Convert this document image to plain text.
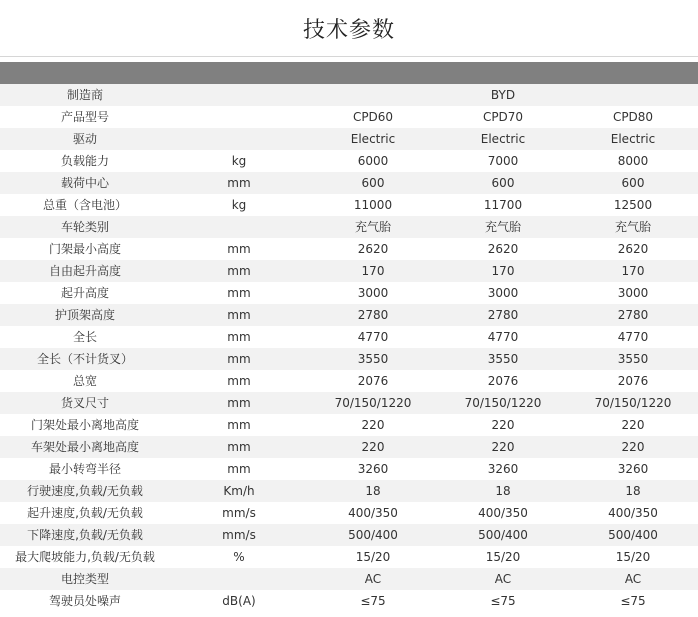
技术参数
制造商		BYD		
产品型号		CPD60	CPD70	CPD80
驱动		Electric	Electric	Electric
负载能力	kg	6000	7000	8000
载荷中心	mm	600	600	600
总重（含电池）	kg	11000	11700	12500
车轮类别		充气胎	充气胎	充气胎
门架最小高度	mm	2620	2620	2620
自由起升高度	mm	170	170	170
起升高度	mm	3000	3000	3000
护顶架高度	mm	2780	2780	2780
全长	mm	4770	4770	4770
全长（不计货叉）	mm	3550	3550	3550
总宽	mm	2076	2076	2076
货叉尺寸	mm	70/150/1220	70/150/1220	70/150/1220
门架处最小离地高度	mm	220	220	220
车架处最小离地高度	mm	220	220	220
最小转弯半径	mm	3260	3260	3260
行驶速度,负载/无负载	Km/h	18	18	18
起升速度,负载/无负载	mm/s	400/350	400/350	400/350
下降速度,负载/无负载	mm/s	500/400	500/400	500/400
最大爬坡能力,负载/无负载	%	15/20	15/20	15/20
电控类型		AC	AC	AC
驾驶员处噪声	dB(A)	≤75	≤75	≤75
